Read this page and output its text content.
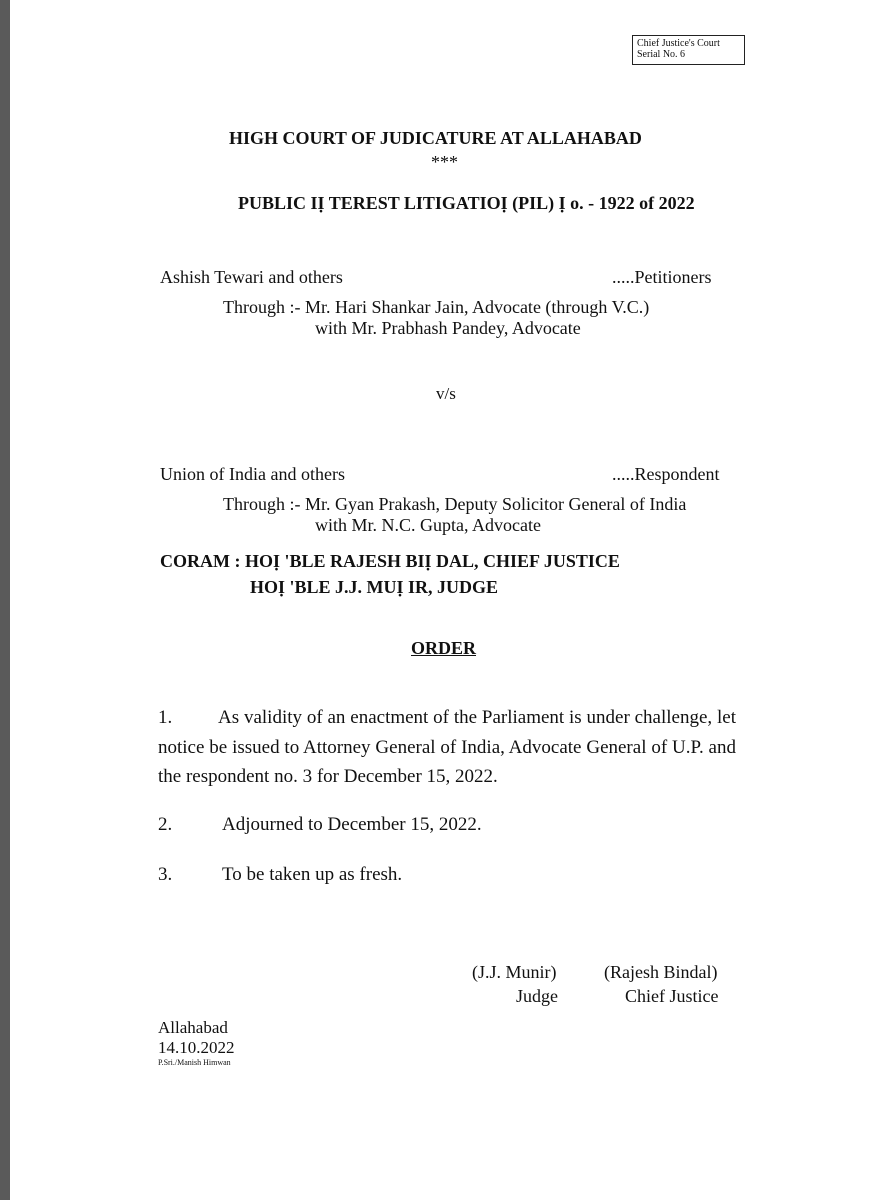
Chief Justice's Court
Serial No. 6
HIGH COURT OF JUDICATURE AT ALLAHABAD
***
PUBLIC IỊ TEREST LITIGATIOỊ (PIL) Ị o. - 1922 of 2022
Ashish Tewari and others	.....Petitioners
Through :- Mr. Hari Shankar Jain, Advocate (through V.C.)
with Mr. Prabhash Pandey, Advocate
v/s
Union of India and others	.....Respondent
Through :- Mr. Gyan Prakash, Deputy Solicitor General of India
with Mr. N.C. Gupta, Advocate
CORAM : HOỊ 'BLE RAJESH BIỊ DAL, CHIEF JUSTICE
HOỊ 'BLE J.J. MUỊ IR, JUDGE
ORDER
1. As validity of an enactment of the Parliament is under challenge, let notice be issued to Attorney General of India, Advocate General of U.P. and the respondent no. 3 for December 15, 2022.
2.	Adjourned to December 15, 2022.
3.	To be taken up as fresh.
(J.J. Munir)
Judge
(Rajesh Bindal)
Chief Justice
Allahabad
14.10.2022
P.Sri./Manish Himwan
